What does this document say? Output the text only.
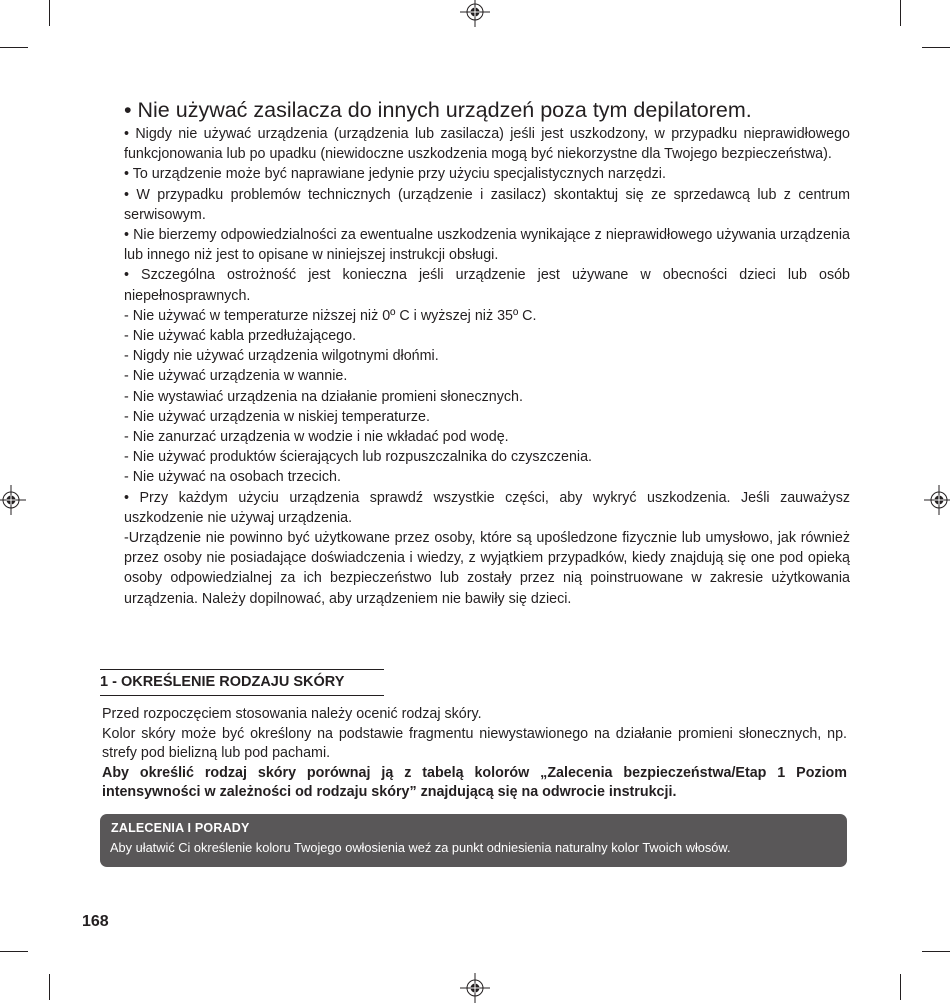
• Nie używać zasilacza do innych urządzeń poza tym depilatorem.

• Nigdy nie używać urządzenia (urządzenia lub zasilacza) jeśli jest uszkodzony, w przypadku nieprawidłowego funkcjonowania lub po upadku (niewidoczne uszkodzenia mogą być niekorzystne dla Twojego bezpieczeństwa).

• To urządzenie może być naprawiane jedynie przy użyciu specjalistycznych narzędzi.

• W przypadku problemów technicznych (urządzenie i zasilacz) skontaktuj się ze sprzedawcą lub z centrum serwisowym.

• Nie bierzemy odpowiedzialności za ewentualne uszkodzenia wynikające z nieprawidłowego używania urządzenia lub innego niż jest to opisane w niniejszej instrukcji obsługi.

• Szczególna ostrożność jest konieczna jeśli urządzenie jest używane w obecności dzieci lub osób niepełnosprawnych.

- Nie używać w temperaturze niższej niż 0º C i wyższej niż 35º C.

- Nie używać kabla przedłużającego.

- Nigdy nie używać urządzenia wilgotnymi dłońmi.

- Nie używać urządzenia w wannie.

- Nie wystawiać urządzenia na działanie promieni słonecznych.

- Nie używać urządzenia w niskiej temperaturze.

- Nie zanurzać urządzenia w wodzie i nie wkładać pod wodę.

- Nie używać produktów ścierających lub rozpuszczalnika do czyszczenia.

- Nie używać na osobach trzecich.

• Przy każdym użyciu urządzenia sprawdź wszystkie części, aby wykryć uszkodzenia. Jeśli zauważysz uszkodzenie nie używaj urządzenia.

-Urządzenie nie powinno być użytkowane przez osoby, które są upośledzone fizycznie lub umysłowo, jak również przez osoby nie posiadające doświadczenia i wiedzy, z wyjątkiem przypadków, kiedy znajdują się one pod opieką osoby odpowiedzialnej za ich bezpieczeństwo lub zostały przez nią poinstruowane w zakresie użytkowania urządzenia. Należy dopilnować, aby urządzeniem nie bawiły się dzieci.

1 - OKREŚLENIE RODZAJU SKÓRY

Przed rozpoczęciem stosowania należy ocenić rodzaj skóry.

Kolor skóry może być określony na podstawie fragmentu niewystawionego na działanie promieni słonecznych, np. strefy pod bielizną lub pod pachami.

Aby określić rodzaj skóry porównaj ją z tabelą kolorów „Zalecenia bezpieczeństwa/Etap 1 Poziom intensywności w zależności od rodzaju skóry” znajdującą się na odwrocie instrukcji.

ZALECENIA I PORADY
Aby ułatwić Ci określenie koloru Twojego owłosienia weź za punkt odniesienia naturalny kolor Twoich włosów.
168
